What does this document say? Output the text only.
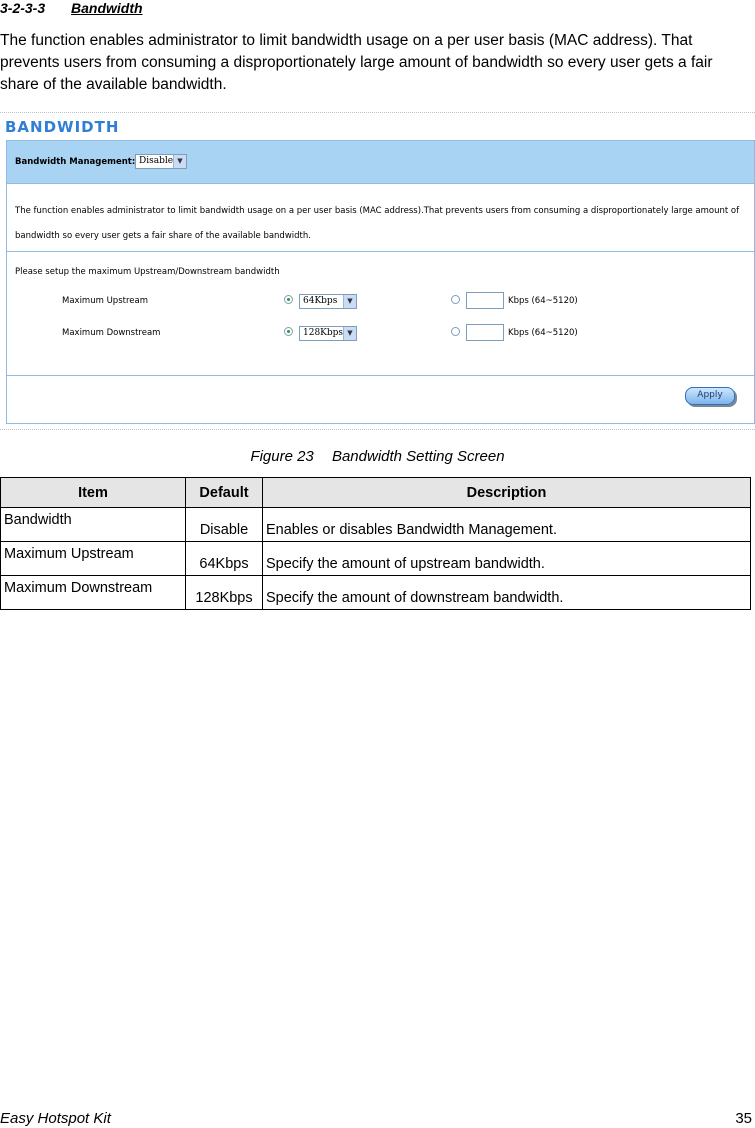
3-2-3-3 Bandwidth

The function enables administrator to limit bandwidth usage on a per user basis (MAC address). That prevents users from consuming a disproportionately large amount of bandwidth so every user gets a fair share of the available bandwidth.

BANDWIDTH
Bandwidth Management: Disable ▼
The function enables administrator to limit bandwidth usage on a per user basis (MAC address).That prevents users from consuming a disproportionately large amount of bandwidth so every user gets a fair share of the available bandwidth.
Please setup the maximum Upstream/Downstream bandwidth
Maximum Upstream	64Kbps	▼	Kbps (64~5120)
Maximum Downstream	128Kbps ▼	Kbps (64~5120)
Apply
Figure 23 Bandwidth Setting Screen
Item	Default	Description
Bandwidth	Disable	Enables or disables Bandwidth Management.
Maximum Upstream	64Kbps	Specify the amount of upstream bandwidth.
Maximum Downstream	128Kbps	Specify the amount of downstream bandwidth.
Easy Hotspot Kit	35
